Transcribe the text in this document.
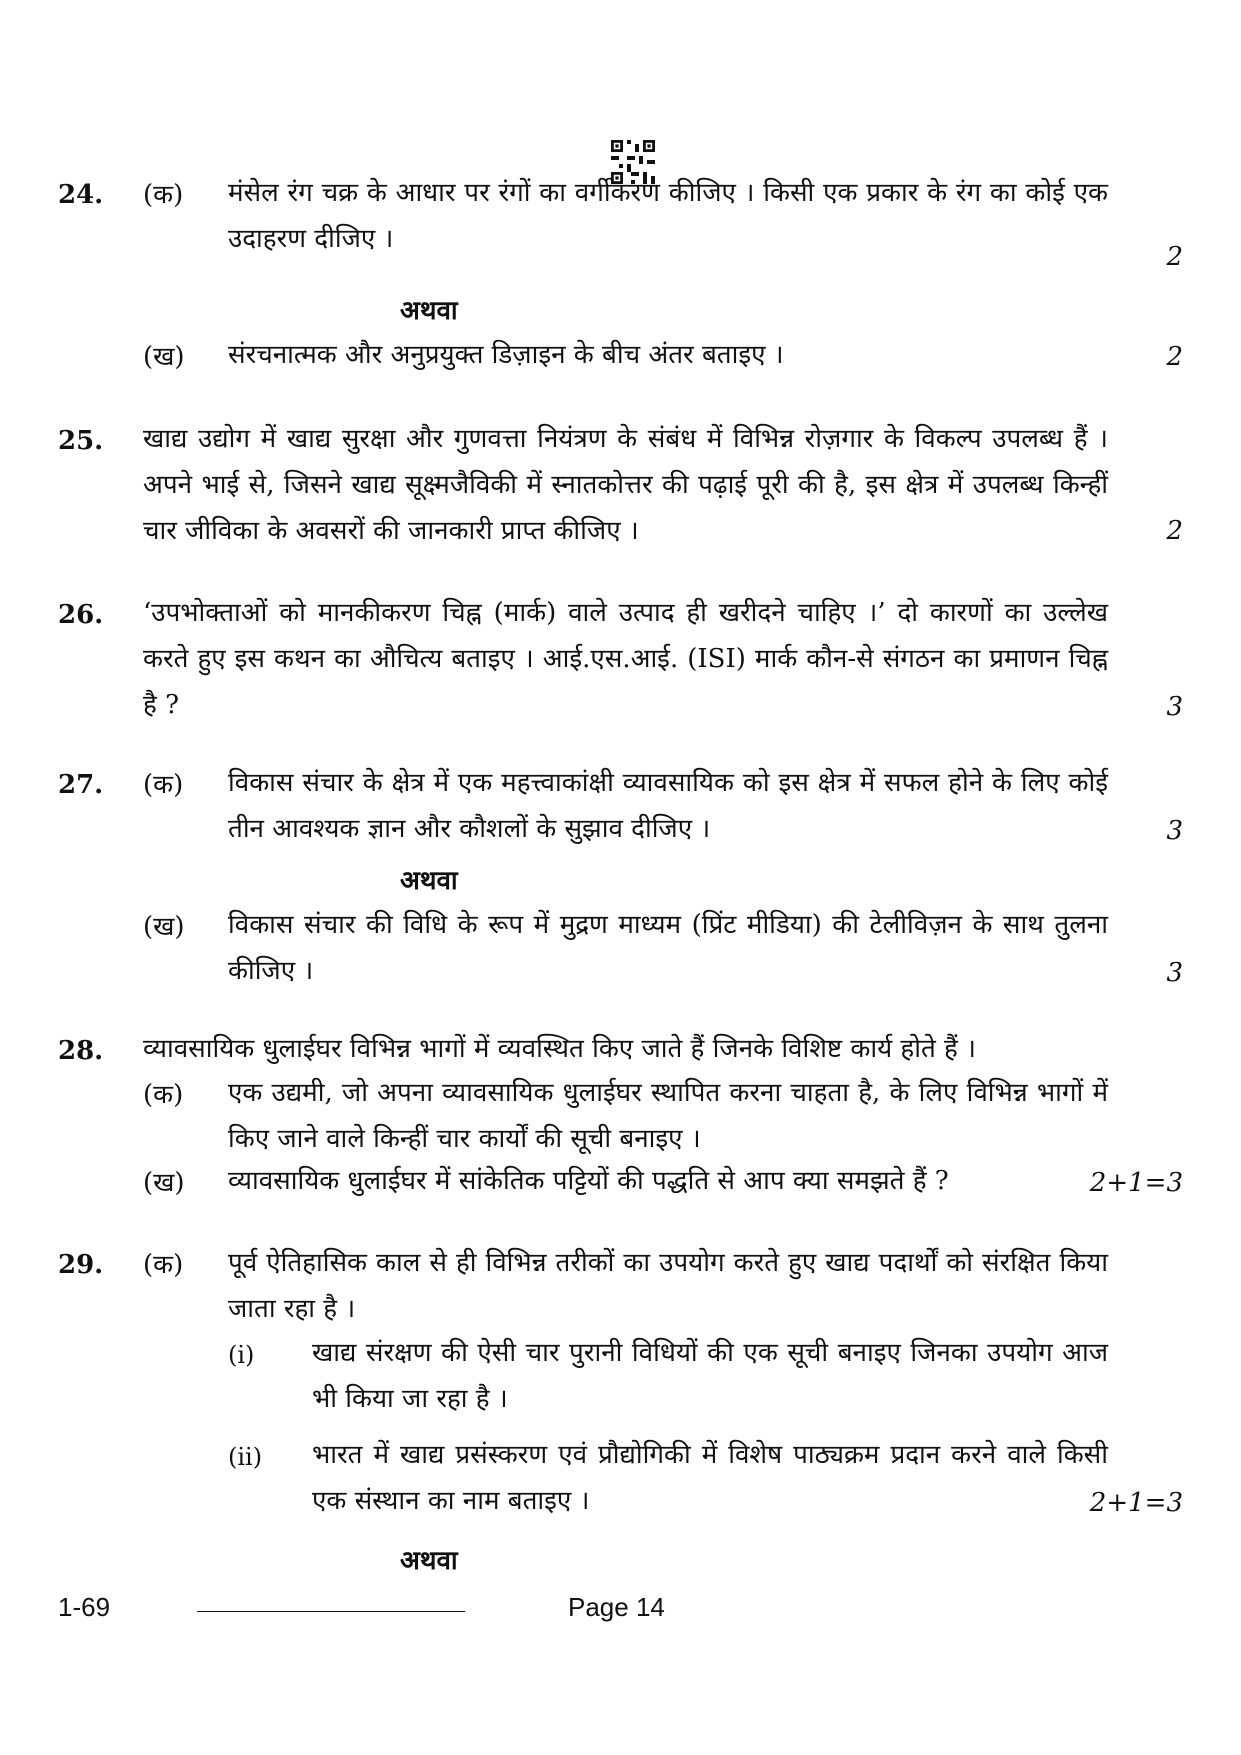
24. (क) मंसेल रंग चक्र के आधार पर रंगों का वर्गीकरण कीजिए । किसी एक प्रकार के रंग का कोई एक उदाहरण दीजिए ।
2
अथवा
(ख) संरचनात्मक और अनुप्रयुक्त डिज़ाइन के बीच अंतर बताइए ।	2
25. खाद्य उद्योग में खाद्य सुरक्षा और गुणवत्ता नियंत्रण के संबंध में विभिन्न रोज़गार के विकल्प उपलब्ध हैं । अपने भाई से, जिसने खाद्य सूक्ष्मजैविकी में स्नातकोत्तर की पढ़ाई पूरी की है, इस क्षेत्र में उपलब्ध किन्हीं चार जीविका के अवसरों की जानकारी प्राप्त कीजिए ।	2
26. ‘उपभोक्ताओं को मानकीकरण चिह्न (मार्क) वाले उत्पाद ही खरीदने चाहिए ।’ दो कारणों का उल्लेख करते हुए इस कथन का औचित्य बताइए । आई.एस.आई. (ISI) मार्क कौन-से संगठन का प्रमाणन चिह्न है ?	3
27. (क) विकास संचार के क्षेत्र में एक महत्त्वाकांक्षी व्यावसायिक को इस क्षेत्र में सफल होने के लिए कोई तीन आवश्यक ज्ञान और कौशलों के सुझाव दीजिए ।	3
अथवा
(ख) विकास संचार की विधि के रूप में मुद्रण माध्यम (प्रिंट मीडिया) की टेलीविज़न के साथ तुलना कीजिए ।	3
28. व्यावसायिक धुलाईघर विभिन्न भागों में व्यवस्थित किए जाते हैं जिनके विशिष्ट कार्य होते हैं ।
(क) एक उद्यमी, जो अपना व्यावसायिक धुलाईघर स्थापित करना चाहता है, के लिए विभिन्न भागों में किए जाने वाले किन्हीं चार कार्यों की सूची बनाइए ।
(ख) व्यावसायिक धुलाईघर में सांकेतिक पट्टियों की पद्धति से आप क्या समझते हैं ?	2+1=3
29. (क) पूर्व ऐतिहासिक काल से ही विभिन्न तरीकों का उपयोग करते हुए खाद्य पदार्थों को संरक्षित किया जाता रहा है ।
(i) खाद्य संरक्षण की ऐसी चार पुरानी विधियों की एक सूची बनाइए जिनका उपयोग आज भी किया जा रहा है ।
(ii) भारत में खाद्य प्रसंस्करण एवं प्रौद्योगिकी में विशेष पाठ्यक्रम प्रदान करने वाले किसी एक संस्थान का नाम बताइए ।	2+1=3
अथवा
1-69	Page 14
